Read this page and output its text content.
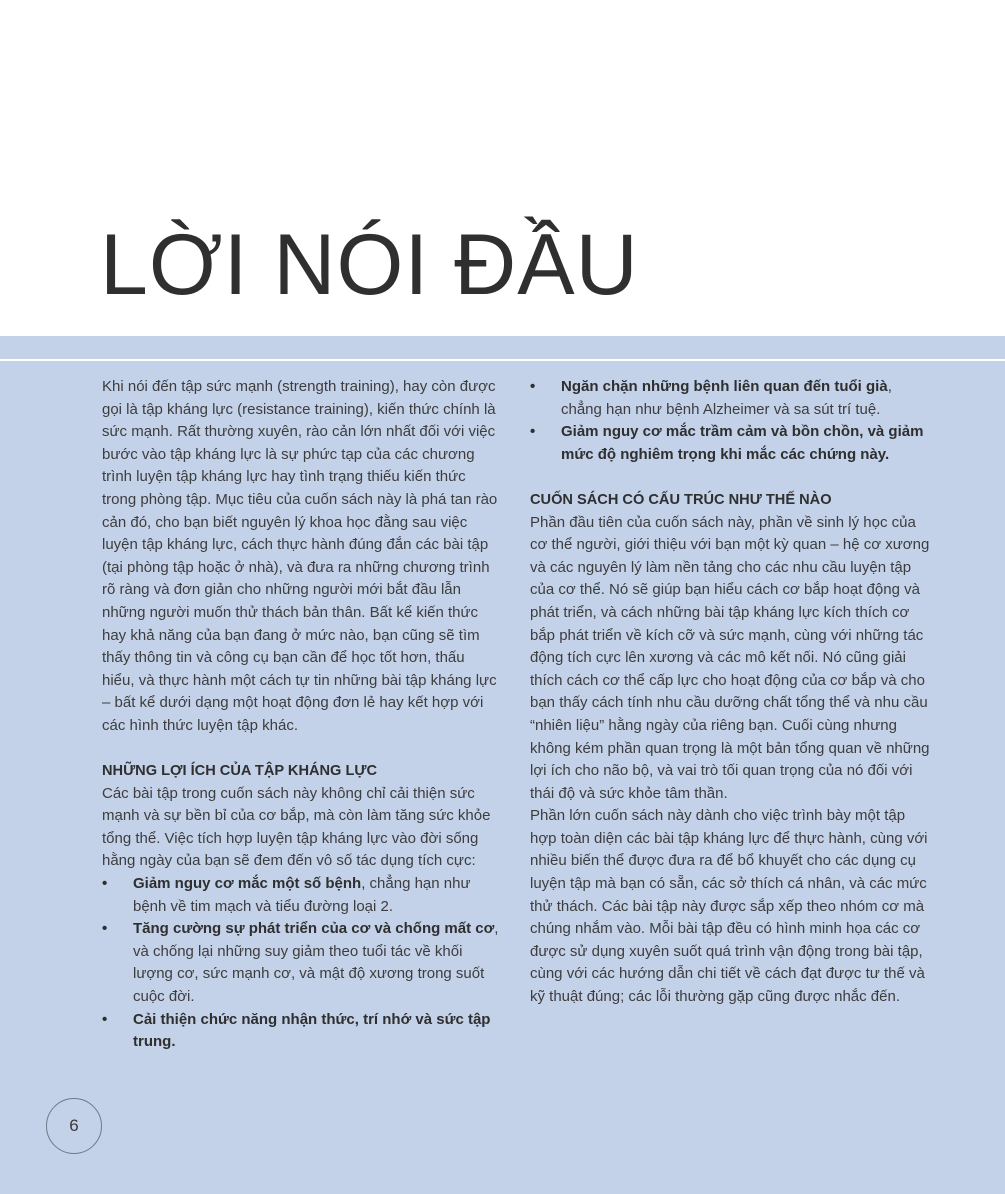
LỜI NÓI ĐẦU

Khi nói đến tập sức mạnh (strength training), hay còn được gọi là tập kháng lực (resistance training), kiến thức chính là sức mạnh. Rất thường xuyên, rào cản lớn nhất đối với việc bước vào tập kháng lực là sự phức tạp của các chương trình luyện tập kháng lực hay tình trạng thiếu kiến thức trong phòng tập. Mục tiêu của cuốn sách này là phá tan rào cản đó, cho bạn biết nguyên lý khoa học đằng sau việc luyện tập kháng lực, cách thực hành đúng đắn các bài tập (tại phòng tập hoặc ở nhà), và đưa ra những chương trình rõ ràng và đơn giản cho những người mới bắt đầu lẫn những người muốn thử thách bản thân. Bất kể kiến thức hay khả năng của bạn đang ở mức nào, bạn cũng sẽ tìm thấy thông tin và công cụ bạn cần để học tốt hơn, thấu hiểu, và thực hành một cách tự tin những bài tập kháng lực – bất kể dưới dạng một hoạt động đơn lẻ hay kết hợp với các hình thức luyện tập khác.

NHỮNG LỢI ÍCH CỦA TẬP KHÁNG LỰC

Các bài tập trong cuốn sách này không chỉ cải thiện sức mạnh và sự bền bỉ của cơ bắp, mà còn làm tăng sức khỏe tổng thể. Việc tích hợp luyện tập kháng lực vào đời sống hằng ngày của bạn sẽ đem đến vô số tác dụng tích cực:

• Giảm nguy cơ mắc một số bệnh, chẳng hạn như bệnh về tim mạch và tiểu đường loại 2.
• Tăng cường sự phát triển của cơ và chống mất cơ, và chống lại những suy giảm theo tuổi tác về khối lượng cơ, sức mạnh cơ, và mật độ xương trong suốt cuộc đời.
• Cải thiện chức năng nhận thức, trí nhớ và sức tập trung.
• Ngăn chặn những bệnh liên quan đến tuổi già, chẳng hạn như bệnh Alzheimer và sa sút trí tuệ.
• Giảm nguy cơ mắc trầm cảm và bồn chồn, và giảm mức độ nghiêm trọng khi mắc các chứng này.
CUỐN SÁCH CÓ CẤU TRÚC NHƯ THẾ NÀO

Phần đầu tiên của cuốn sách này, phần về sinh lý học của cơ thể người, giới thiệu với bạn một kỳ quan – hệ cơ xương và các nguyên lý làm nền tảng cho các nhu cầu luyện tập của cơ thể. Nó sẽ giúp bạn hiểu cách cơ bắp hoạt động và phát triển, và cách những bài tập kháng lực kích thích cơ bắp phát triển về kích cỡ và sức mạnh, cùng với những tác động tích cực lên xương và các mô kết nối. Nó cũng giải thích cách cơ thể cấp lực cho hoạt động của cơ bắp và cho bạn thấy cách tính nhu cầu dưỡng chất tổng thể và nhu cầu “nhiên liệu” hằng ngày của riêng bạn. Cuối cùng nhưng không kém phần quan trọng là một bản tổng quan về những lợi ích cho não bộ, và vai trò tối quan trọng của nó đối với thái độ và sức khỏe tâm thần.

Phần lớn cuốn sách này dành cho việc trình bày một tập hợp toàn diện các bài tập kháng lực để thực hành, cùng với nhiều biến thể được đưa ra để bổ khuyết cho các dụng cụ luyện tập mà bạn có sẵn, các sở thích cá nhân, và các mức thử thách. Các bài tập này được sắp xếp theo nhóm cơ mà chúng nhắm vào. Mỗi bài tập đều có hình minh họa các cơ được sử dụng xuyên suốt quá trình vận động trong bài tập, cùng với các hướng dẫn chi tiết về cách đạt được tư thế và kỹ thuật đúng; các lỗi thường gặp cũng được nhắc đến.

6
